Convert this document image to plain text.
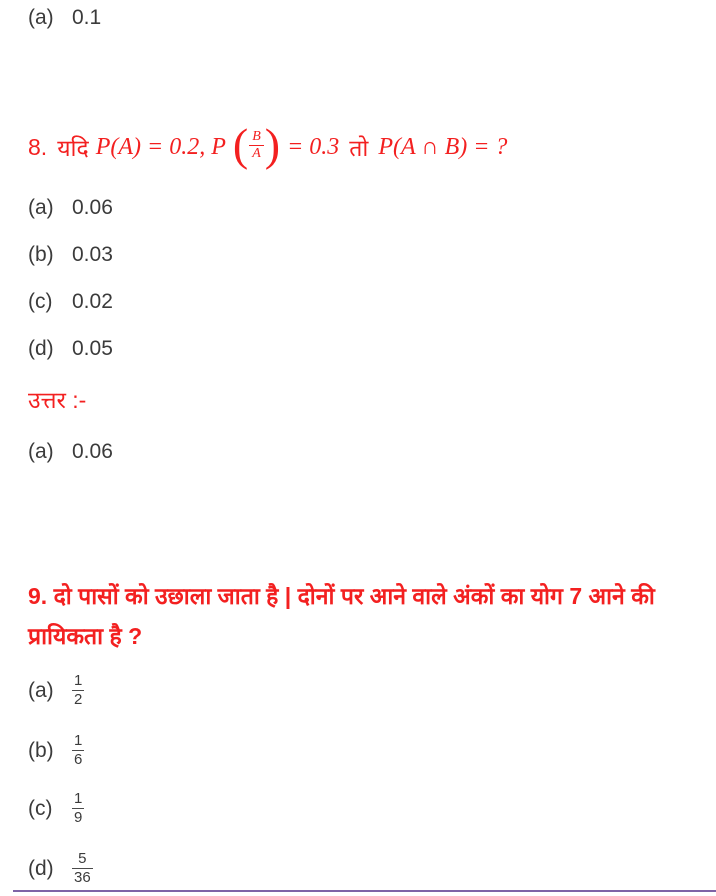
(a) 0.1
8. यदि P(A) = 0.2, P ( $\frac{B}{A}$ ) = 0.3 तो P(A ∩ B) = ?
(a) 0.06
(b) 0.03
(c) 0.02
(d) 0.05
उत्तर :-
(a) 0.06
9. दो पासों को उछाला जाता है | दोनों पर आने वाले अंकों का योग 7 आने की
प्रायिकता है ?
(a)	$\frac{1}{2}$
(b)	$\frac{1}{6}$
(c)	$\frac{1}{9}$
(d)	$\frac{5}{36}$
